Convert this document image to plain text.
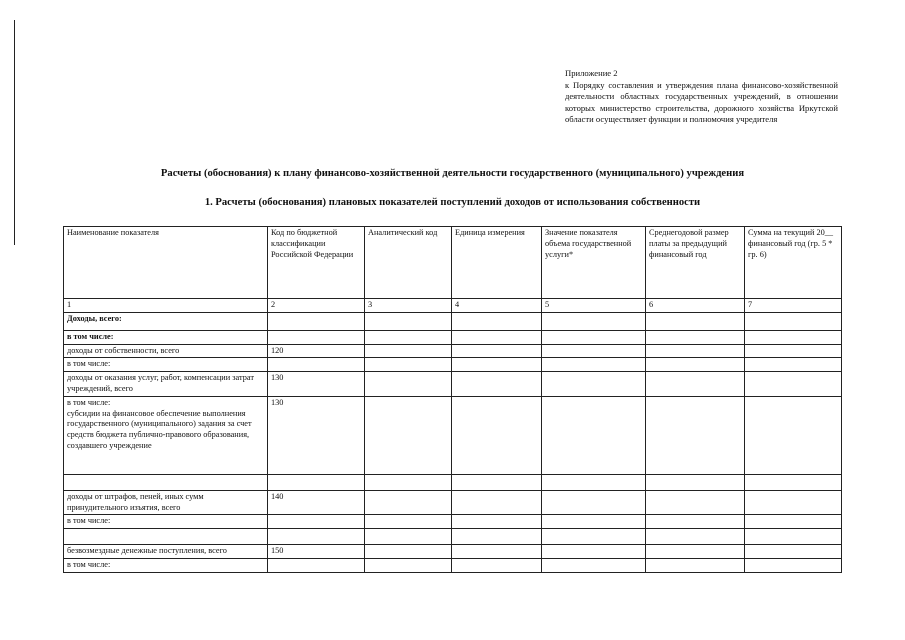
Приложение 2
к Порядку составления и утверждения плана финансово-хозяйственной деятельности областных государственных учреждений, в отношении которых министерство строительства, дорожного хозяйства Иркутской области осуществляет функции и полномочия учредителя
Расчеты (обоснования) к плану финансово-хозяйственной деятельности государственного (муниципального) учреждения
1. Расчеты (обоснования) плановых показателей поступлений доходов от использования собственности
Наименование показателя	Код по бюджетной классификации Российской Федерации	Аналитический код	Единица измерения	Значение показателя объема государственной услуги*	Среднегодовой размер платы за предыдущий финансовый год	Сумма на текущий 20__ финансовый год (гр. 5 * гр. 6)
1	2	3	4	5	6	7
Доходы, всего:						
в том числе:						
доходы от собственности, всего	120					
в том числе:						
доходы от оказания услуг, работ, компенсации затрат учреждений, всего	130					

в том числе:
субсидии на финансовое обеспечение выполнения государственного (муниципального) задания за счет средств бюджета публично-правового образования, создавшего учреждение	130					

доходы от штрафов, пеней, иных сумм принудительного изъятия, всего	140					
в том числе:						

безвозмездные денежные поступления, всего	150					
в том числе:						
